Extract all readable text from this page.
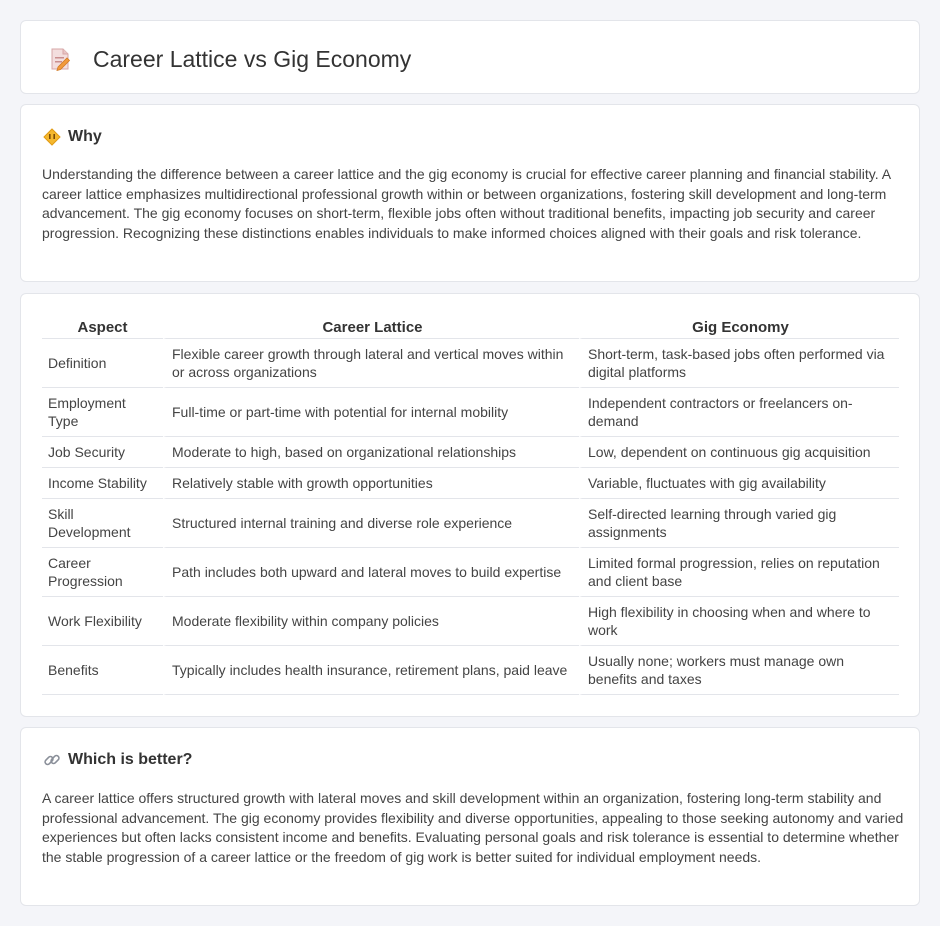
Career Lattice vs Gig Economy
Why

Understanding the difference between a career lattice and the gig economy is crucial for effective career planning and financial stability. A career lattice emphasizes multidirectional professional growth within or between organizations, fostering skill development and long-term advancement. The gig economy focuses on short-term, flexible jobs often without traditional benefits, impacting job security and career progression. Recognizing these distinctions enables individuals to make informed choices aligned with their goals and risk tolerance.

Aspect	Career Lattice	Gig Economy
Definition	Flexible career growth through lateral and vertical moves within or across organizations	Short-term, task-based jobs often performed via digital platforms
Employment Type	Full-time or part-time with potential for internal mobility	Independent contractors or freelancers on-demand
Job Security	Moderate to high, based on organizational relationships	Low, dependent on continuous gig acquisition
Income Stability	Relatively stable with growth opportunities	Variable, fluctuates with gig availability
Skill Development	Structured internal training and diverse role experience	Self-directed learning through varied gig assignments
Career Progression	Path includes both upward and lateral moves to build expertise	Limited formal progression, relies on reputation and client base
Work Flexibility	Moderate flexibility within company policies	High flexibility in choosing when and where to work
Benefits	Typically includes health insurance, retirement plans, paid leave	Usually none; workers must manage own benefits and taxes
Which is better?

A career lattice offers structured growth with lateral moves and skill development within an organization, fostering long-term stability and professional advancement. The gig economy provides flexibility and diverse opportunities, appealing to those seeking autonomy and varied experiences but often lacks consistent income and benefits. Evaluating personal goals and risk tolerance is essential to determine whether the stable progression of a career lattice or the freedom of gig work is better suited for individual employment needs.
